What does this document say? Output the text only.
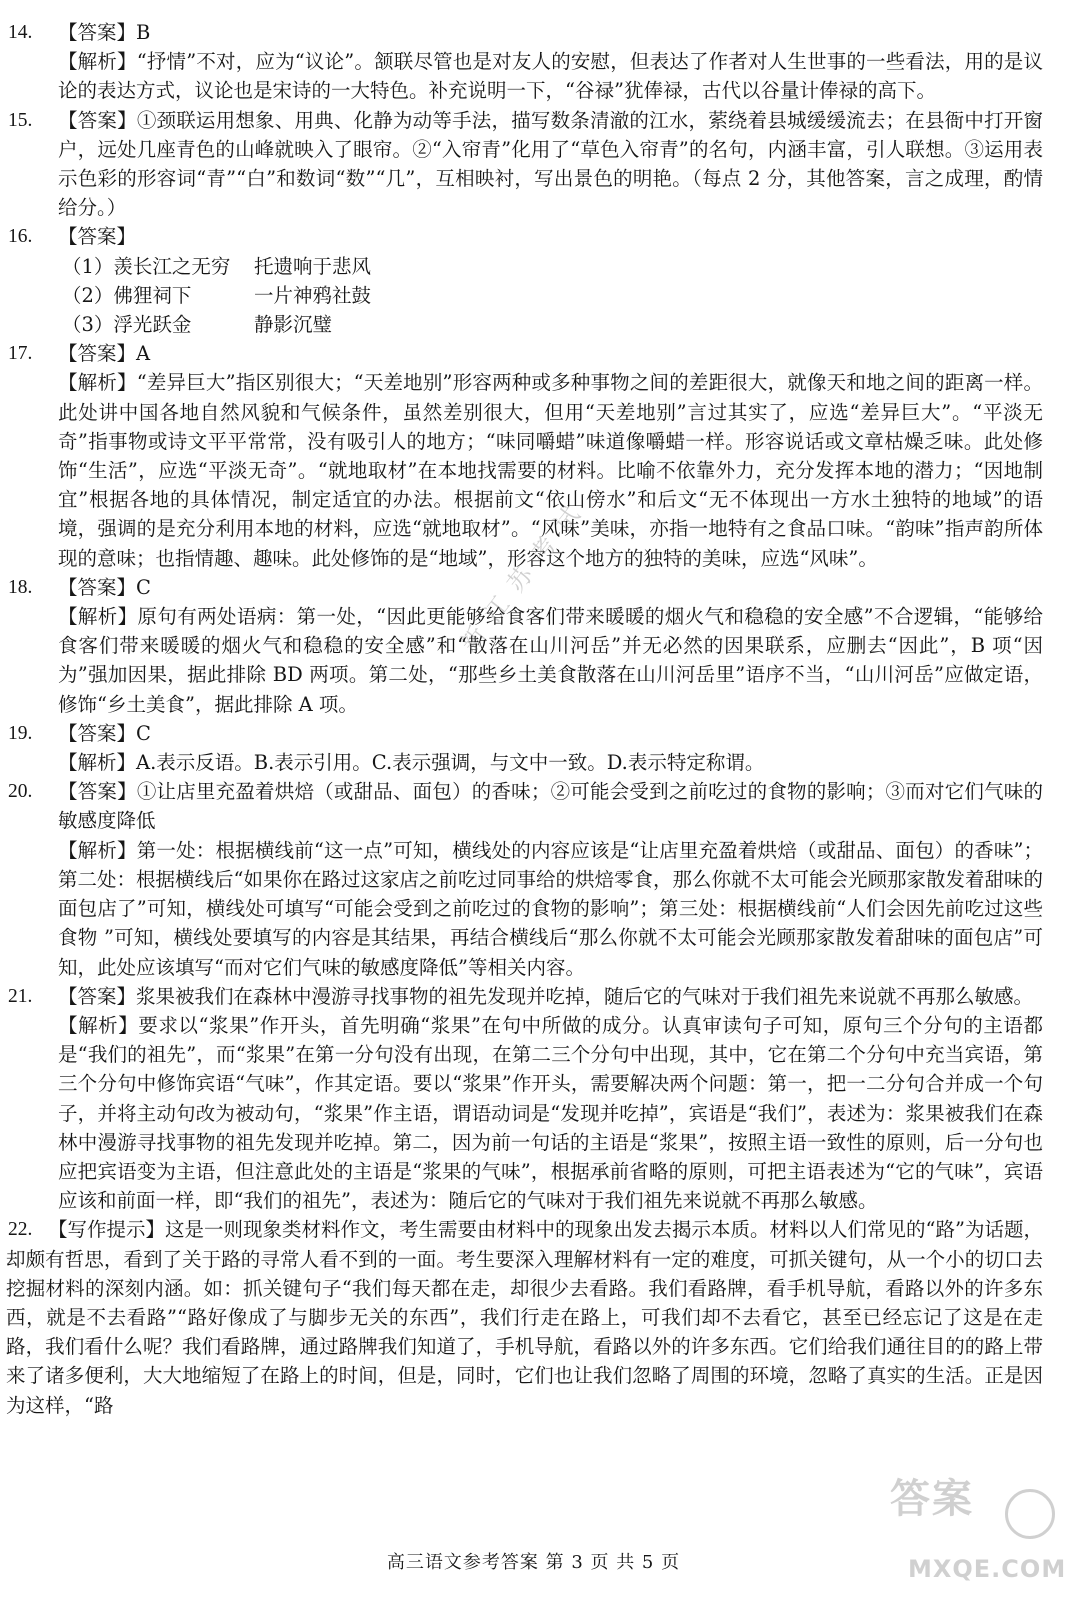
14.	【答案】B

【解析】“抒情”不对，应为“议论”。颔联尽管也是对友人的安慰，但表达了作者对人生世事的一些看法，用的是议论的表达方式，议论也是宋诗的一大特色。补充说明一下，“谷禄”犹俸禄，古代以谷量计俸禄的高下。

15.	【答案】①颈联运用想象、用典、化静为动等手法，描写数条清澈的江水，萦绕着县城缓缓流去；在县衙中打开窗户，远处几座青色的山峰就映入了眼帘。②“入帘青”化用了“草色入帘青”的名句，内涵丰富，引人联想。③运用表示色彩的形容词“青”“白”和数词“数”“几”，互相映衬，写出景色的明艳。（每点 2 分，其他答案，言之成理，酌情给分。）

16.	【答案】

（1）羡长江之无穷	托遗响于悲风
（2）佛狸祠下	一片神鸦社鼓
（3）浮光跃金	静影沉璧
17.	【答案】A

【解析】“差异巨大”指区别很大；“天差地别”形容两种或多种事物之间的差距很大，就像天和地之间的距离一样。此处讲中国各地自然风貌和气候条件，虽然差别很大，但用“天差地别”言过其实了，应选“差异巨大”。“平淡无奇”指事物或诗文平平常常，没有吸引人的地方；“味同嚼蜡”味道像嚼蜡一样。形容说话或文章枯燥乏味。此处修饰“生活”，应选“平淡无奇”。“就地取材”在本地找需要的材料。比喻不依靠外力，充分发挥本地的潜力；“因地制宜”根据各地的具体情况，制定适宜的办法。根据前文“依山傍水”和后文“无不体现出一方水土独特的地域”的语境，强调的是充分利用本地的材料，应选“就地取材”。“风味”美味，亦指一地特有之食品口味。“韵味”指声韵所体现的意味；也指情趣、趣味。此处修饰的是“地域”，形容这个地方的独特的美味，应选“风味”。

18.	【答案】C

【解析】原句有两处语病：第一处，“因此更能够给食客们带来暖暖的烟火气和稳稳的安全感”不合逻辑，“能够给食客们带来暖暖的烟火气和稳稳的安全感”和“散落在山川河岳”并无必然的因果联系，应删去“因此”，B 项“因为”强加因果，据此排除 BD 两项。第二处，“那些乡土美食散落在山川河岳里”语序不当，“山川河岳”应做定语，修饰“乡土美食”，据此排除 A 项。

19.	【答案】C

【解析】A.表示反语。B.表示引用。C.表示强调，与文中一致。D.表示特定称谓。

20.	【答案】①让店里充盈着烘焙（或甜品、面包）的香味；②可能会受到之前吃过的食物的影响；③而对它们气味的敏感度降低

【解析】第一处：根据横线前“这一点”可知，横线处的内容应该是“让店里充盈着烘焙（或甜品、面包）的香味”；第二处：根据横线后“如果你在路过这家店之前吃过同事给的烘焙零食，那么你就不太可能会光顾那家散发着甜味的面包店了”可知，横线处可填写“可能会受到之前吃过的食物的影响”；第三处：根据横线前“人们会因先前吃过这些食物 ”可知，横线处要填写的内容是其结果，再结合横线后“那么你就不太可能会光顾那家散发着甜味的面包店”可知，此处应该填写“而对它们气味的敏感度降低”等相关内容。

21.	【答案】浆果被我们在森林中漫游寻找事物的祖先发现并吃掉，随后它的气味对于我们祖先来说就不再那么敏感。

【解析】要求以“浆果”作开头，首先明确“浆果”在句中所做的成分。认真审读句子可知，原句三个分句的主语都是“我们的祖先”，而“浆果”在第一分句没有出现，在第二三个分句中出现，其中，它在第二个分句中充当宾语，第三个分句中修饰宾语“气味”，作其定语。要以“浆果”作开头，需要解决两个问题：第一，把一二分句合并成一个句子，并将主动句改为被动句，“浆果”作主语，谓语动词是“发现并吃掉”，宾语是“我们”，表述为：浆果被我们在森林中漫游寻找事物的祖先发现并吃掉。第二，因为前一句话的主语是“浆果”，按照主语一致性的原则，后一分句也应把宾语变为主语，但注意此处的主语是“浆果的气味”，根据承前省略的原则，可把主语表述为“它的气味”，宾语应该和前面一样，即“我们的祖先”，表述为：随后它的气味对于我们祖先来说就不再那么敏感。

22. 【写作提示】这是一则现象类材料作文，考生需要由材料中的现象出发去揭示本质。材料以人们常见的“路”为话题，却颇有哲思，看到了关于路的寻常人看不到的一面。考生要深入理解材料有一定的难度，可抓关键句，从一个小的切口去挖掘材料的深刻内涵。如：抓关键句子“我们每天都在走，却很少去看路。我们看路牌，看手机导航，看路以外的许多东西，就是不去看路”“路好像成了与脚步无关的东西”，我们行走在路上，可我们却不去看它，甚至已经忘记了这是在走路，我们看什么呢？我们看路牌，通过路牌我们知道了，手机导航，看路以外的许多东西。它们给我们通往目的的路上带来了诸多便利，大大地缩短了在路上的时间，但是，同时，它们也让我们忽略了周围的环境，忽略了真实的生活。正是因为这样，“路

新江苏考试
答案
MXQE.COM
高三语文参考答案 第 3 页 共 5 页
